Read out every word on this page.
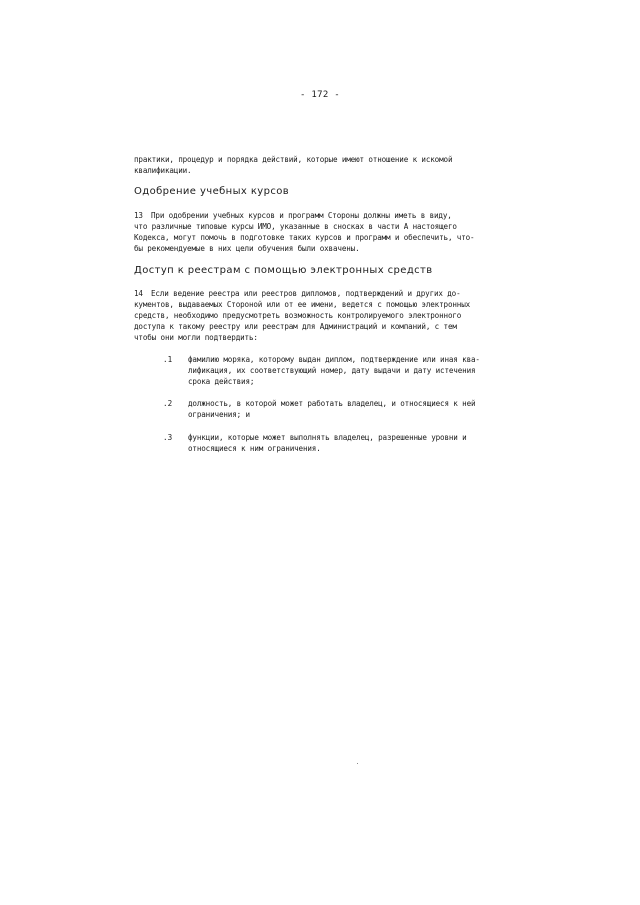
- 172 -

практики, процедур и порядка действий, которые имеют отношение к искомой
квалификации.

Одобрение учебных курсов

13 При одобрении учебных курсов и программ Стороны должны иметь в виду,
что различные типовые курсы ИМО, указанные в сносках в части А настоящего
Кодекса, могут помочь в подготовке таких курсов и программ и обеспечить, что-
бы рекомендуемые в них цели обучения были охвачены.

Доступ к реестрам с помощью электронных средств

14 Если ведение реестра или реестров дипломов, подтверждений и других до-
кументов, выдаваемых Стороной или от ее имени, ведется с помощью электронных
средств, необходимо предусмотреть возможность контролируемого электронного
доступа к такому реестру или реестрам для Администраций и компаний, с тем
чтобы они могли подтвердить:

.1 фамилию моряка, которому выдан диплом, подтверждение или иная ква-
лификация, их соответствующий номер, дату выдачи и дату истечения
срока действия;
.2 должность, в которой может работать владелец, и относящиеся к ней
ограничения; и
.3 функции, которые может выполнять владелец, разрешенные уровни и
относящиеся к ним ограничения.
